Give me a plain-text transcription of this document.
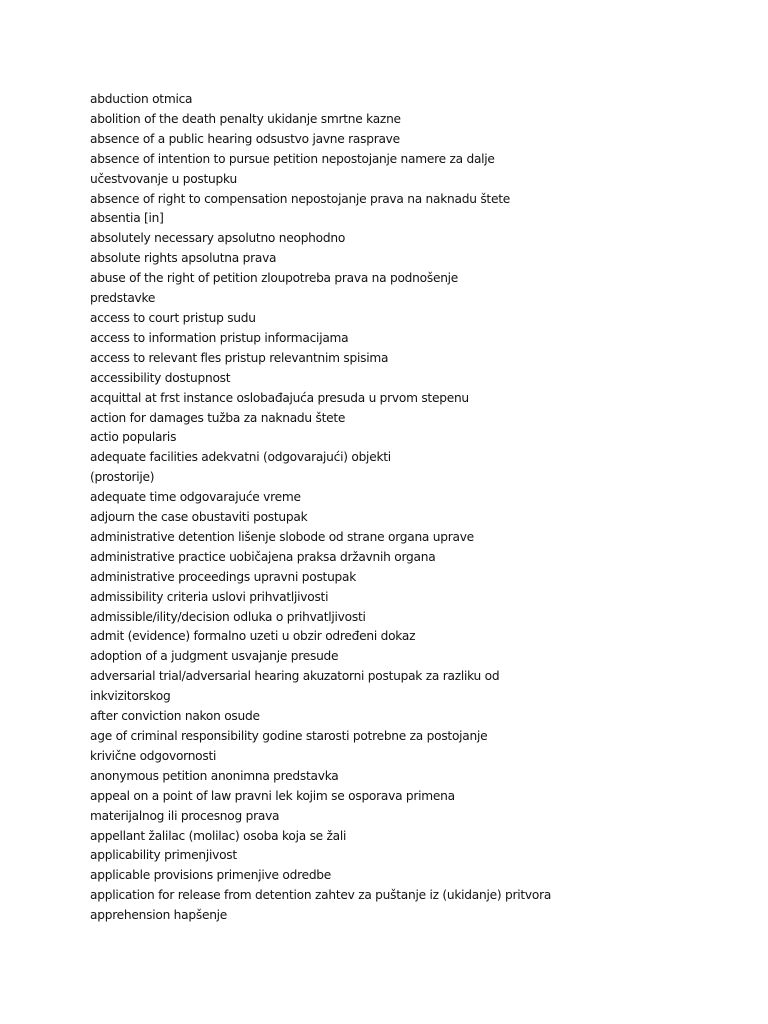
abduction otmica
abolition of the death penalty ukidanje smrtne kazne
absence of a public hearing odsustvo javne rasprave
absence of intention to pursue petition nepostojanje namere za dalje
učestvovanje u postupku
absence of right to compensation nepostojanje prava na naknadu štete
absentia [in]
absolutely necessary apsolutno neophodno
absolute rights apsolutna prava
abuse of the right of petition zloupotreba prava na podnošenje
predstavke
access to court pristup sudu
access to information pristup informacijama
access to relevant fles pristup relevantnim spisima
accessibility dostupnost
acquittal at frst instance oslobađajuća presuda u prvom stepenu
action for damages tužba za naknadu štete
actio popularis
adequate facilities adekvatni (odgovarajući) objekti
(prostorije)
adequate time odgovarajuće vreme
adjourn the case obustaviti postupak
administrative detention lišenje slobode od strane organa uprave
administrative practice uobičajena praksa državnih organa
administrative proceedings upravni postupak
admissibility criteria uslovi prihvatljivosti
admissible/ility/decision odluka o prihvatljivosti
admit (evidence) formalno uzeti u obzir određeni dokaz
adoption of a judgment usvajanje presude
adversarial trial/adversarial hearing akuzatorni postupak za razliku od
inkvizitorskog
after conviction nakon osude
age of criminal responsibility godine starosti potrebne za postojanje
krivične odgovornosti
anonymous petition anonimna predstavka
appeal on a point of law pravni lek kojim se osporava primena
materijalnog ili procesnog prava
appellant žalilac (molilac) osoba koja se žali
applicability primenjivost
applicable provisions primenjive odredbe
application for release from detention zahtev za puštanje iz (ukidanje) pritvora
apprehension hapšenje
